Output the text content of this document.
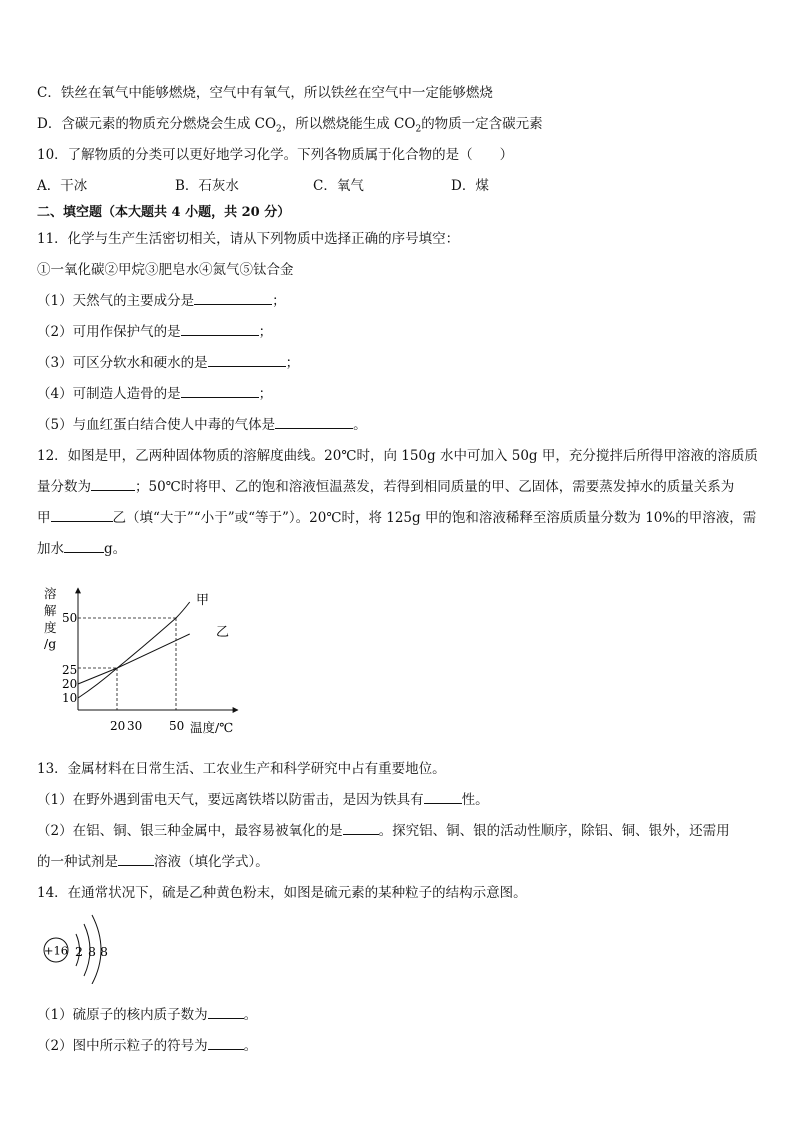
C．铁丝在氧气中能够燃烧，空气中有氧气，所以铁丝在空气中一定能够燃烧
D．含碳元素的物质充分燃烧会生成 $CO_2$，所以燃烧能生成 $CO_2$的物质一定含碳元素
10．了解物质的分类可以更好地学习化学。下列各物质属于化合物的是（　　）
A．干冰	B．石灰水	C．氧气	D．煤
二、填空题（本大题共 4 小题，共 20 分）
11．化学与生产生活密切相关，请从下列物质中选择正确的序号填空：
①一氧化碳②甲烷③肥皂水④氮气⑤钛合金
（1）天然气的主要成分是	；
（2）可用作保护气的是	；
（3）可区分软水和硬水的是	；
（4）可制造人造骨的是	；
（5）与血红蛋白结合使人中毒的气体是	。
12．如图是甲，乙两种固体物质的溶解度曲线。20℃时，向 150g 水中可加入 50g 甲，充分搅拌后所得甲溶液的溶质质
量分数为	；50℃时将甲、乙的饱和溶液恒温蒸发，若得到相同质量的甲、乙固体，需要蒸发掉水的质量关系为
甲	乙（填“大于”“小于”或“等于”）。20℃时，将 125g 甲的饱和溶液稀释至溶质质量分数为 10%的甲溶液，需
加水	g。
甲
乙
溶
解
度
/g
50
25
20
10
20 30 50 温度/℃
13．金属材料在日常生活、工农业生产和科学研究中占有重要地位。
（1）在野外遇到雷电天气，要远离铁塔以防雷击，是因为铁具有	性。
（2）在铝、铜、银三种金属中，最容易被氧化的是	。探究铝、铜、银的活动性顺序，除铝、铜、银外，还需用
的一种试剂是	溶液（填化学式）。
14．在通常状况下，硫是乙种黄色粉末，如图是硫元素的某种粒子的结构示意图。
+16 2 8 8
（1）硫原子的核内质子数为	。
（2）图中所示粒子的符号为	。
